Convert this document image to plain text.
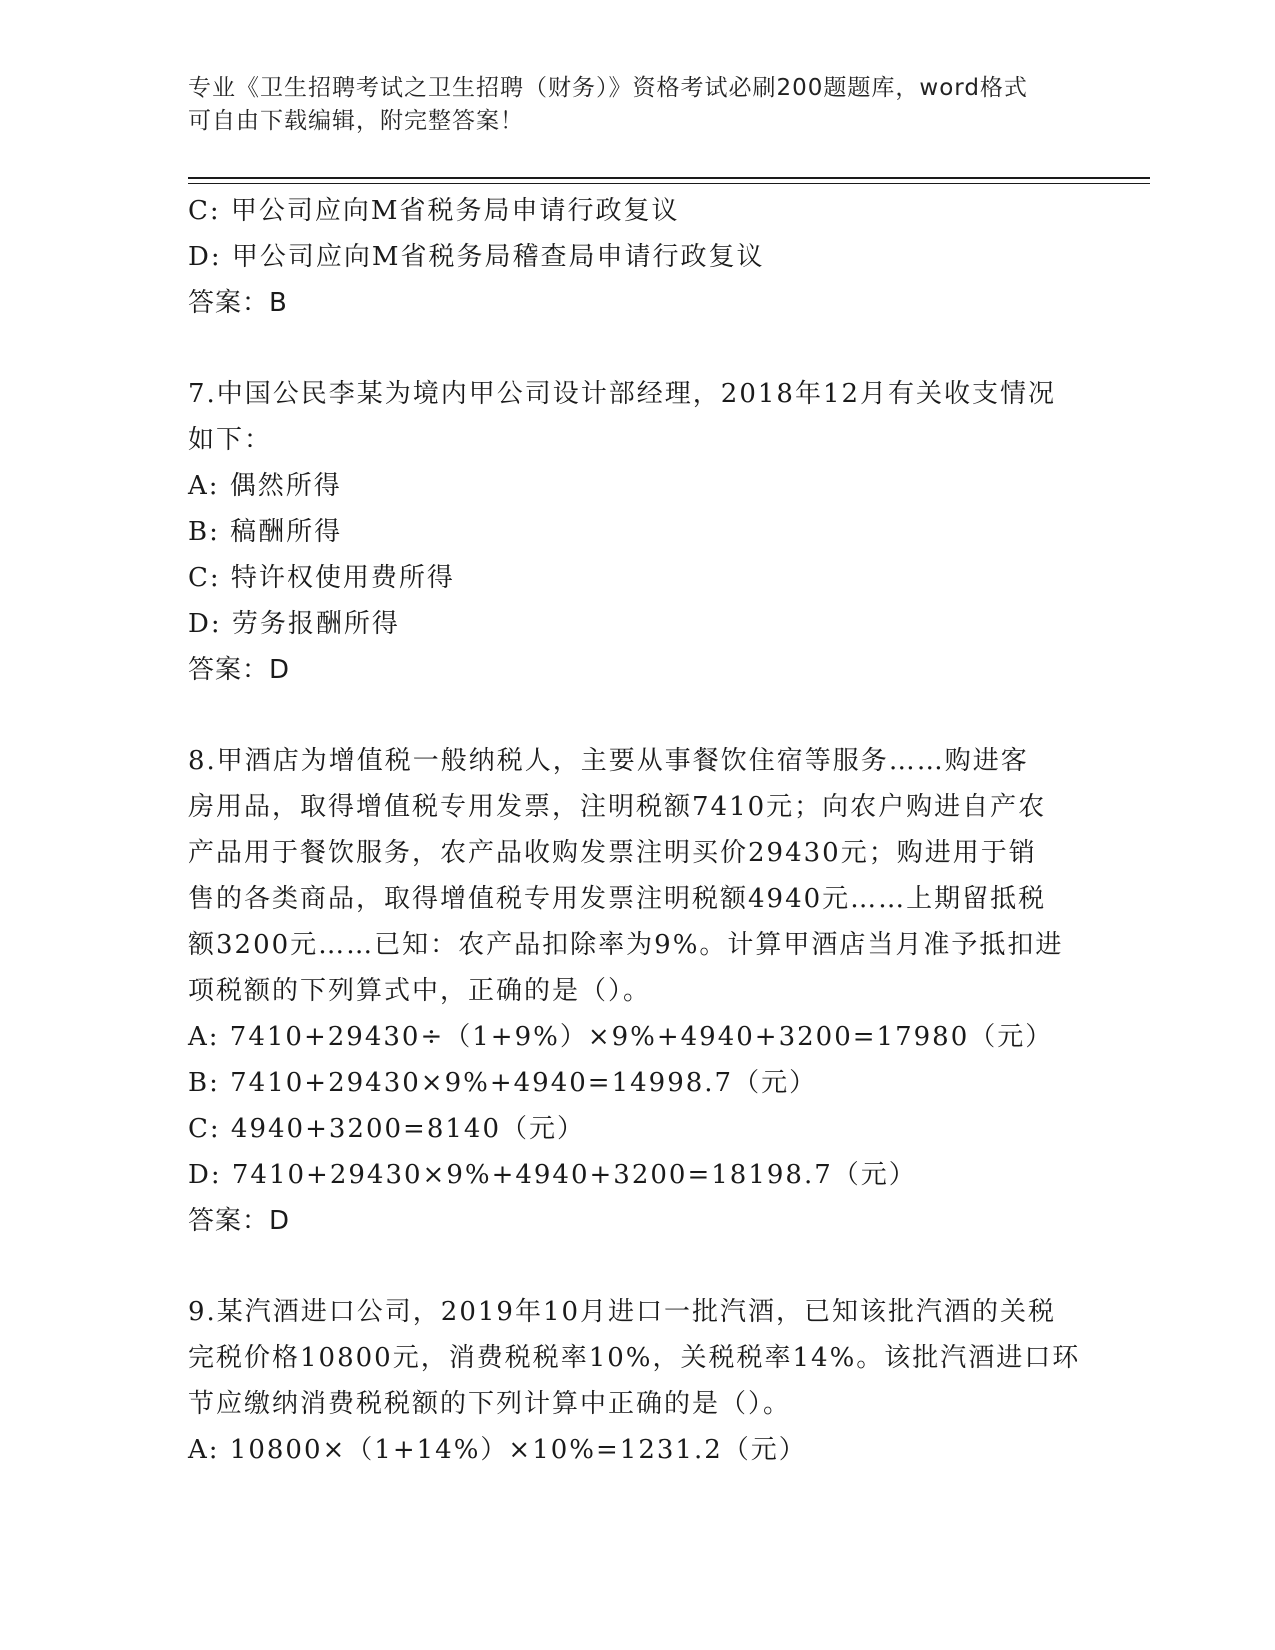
专业《卫生招聘考试之卫生招聘（财务）》资格考试必刷200题题库，word格式
可自由下载编辑，附完整答案！
C: 甲公司应向M省税务局申请行政复议
D: 甲公司应向M省税务局稽查局申请行政复议
答案：B
7.中国公民李某为境内甲公司设计部经理，2018年12月有关收支情况
如下：
A: 偶然所得
B: 稿酬所得
C: 特许权使用费所得
D: 劳务报酬所得
答案：D
8.甲酒店为增值税一般纳税人，主要从事餐饮住宿等服务……购进客
房用品，取得增值税专用发票，注明税额7410元；向农户购进自产农
产品用于餐饮服务，农产品收购发票注明买价29430元；购进用于销
售的各类商品，取得增值税专用发票注明税额4940元……上期留抵税
额3200元……已知：农产品扣除率为9%。计算甲酒店当月准予抵扣进
项税额的下列算式中，正确的是（）。
A: 7410+29430÷（1+9%）×9%+4940+3200=17980（元）
B: 7410+29430×9%+4940=14998.7（元）
C: 4940+3200=8140（元）
D: 7410+29430×9%+4940+3200=18198.7（元）
答案：D
9.某汽酒进口公司，2019年10月进口一批汽酒，已知该批汽酒的关税
完税价格10800元，消费税税率10%，关税税率14%。该批汽酒进口环
节应缴纳消费税税额的下列计算中正确的是（）。
A: 10800×（1+14%）×10%=1231.2（元）
